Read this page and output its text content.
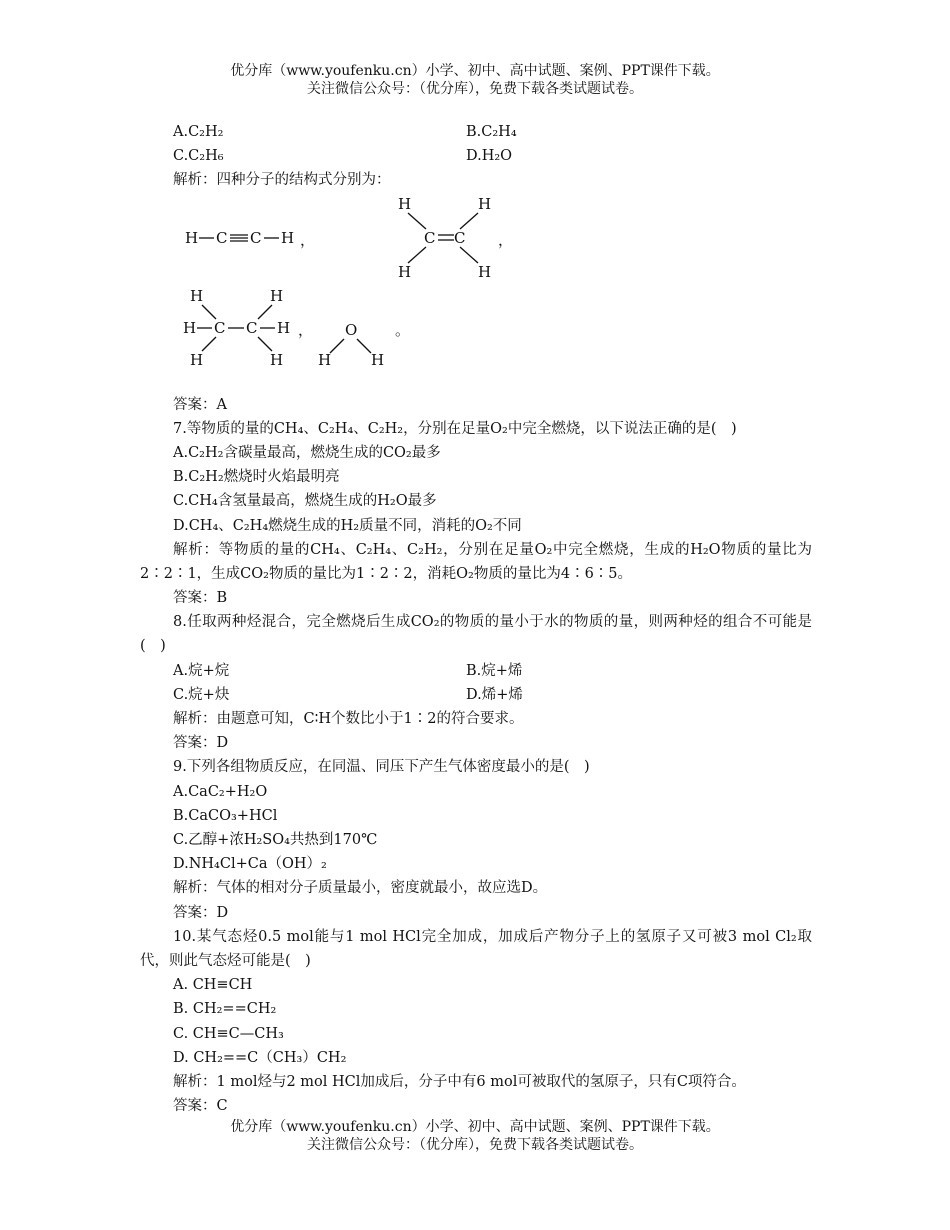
优分库（www.youfenku.cn）小学、初中、高中试题、案例、PPT课件下载。
关注微信公众号：（优分库），免费下载各类试题试卷。
A.C₂H₂	B.C₂H₄
C.C₂H₆	D.H₂O
解析：四种分子的结构式分别为：
H C C H ，
H	H
C C
H	H
，
H	H
H C C H
H	H
， O
H	H
。
答案：A
7.等物质的量的CH₄、C₂H₄、C₂H₂，分别在足量O₂中完全燃烧，以下说法正确的是(　)
A.C₂H₂含碳量最高，燃烧生成的CO₂最多
B.C₂H₂燃烧时火焰最明亮
C.CH₄含氢量最高，燃烧生成的H₂O最多
D.CH₄、C₂H₄燃烧生成的H₂质量不同，消耗的O₂不同
解析：等物质的量的CH₄、C₂H₄、C₂H₂，分别在足量O₂中完全燃烧，生成的H₂O物质的量比为2∶2∶1，生成CO₂物质的量比为1∶2∶2，消耗O₂物质的量比为4∶6∶5。
答案：B
8.任取两种烃混合，完全燃烧后生成CO₂的物质的量小于水的物质的量，则两种烃的组合不可能是(　)
A.烷+烷	B.烷+烯
C.烷+炔	D.烯+烯
解析：由题意可知，C∶H个数比小于1∶2的符合要求。
答案：D
9.下列各组物质反应，在同温、同压下产生气体密度最小的是(　)
A.CaC₂+H₂O
B.CaCO₃+HCl
C.乙醇+浓H₂SO₄共热到170℃
D.NH₄Cl+Ca（OH）₂
解析：气体的相对分子质量最小，密度就最小，故应选D。
答案：D
10.某气态烃0.5 mol能与1 mol HCl完全加成，加成后产物分子上的氢原子又可被3 mol Cl₂取代，则此气态烃可能是(　)
A. CH≡CH
B. CH₂==CH₂
C. CH≡C—CH₃
D. CH₂==C（CH₃）CH₂
解析：1 mol烃与2 mol HCl加成后，分子中有6 mol可被取代的氢原子，只有C项符合。
答案：C
优分库（www.youfenku.cn）小学、初中、高中试题、案例、PPT课件下载。
关注微信公众号：（优分库），免费下载各类试题试卷。
